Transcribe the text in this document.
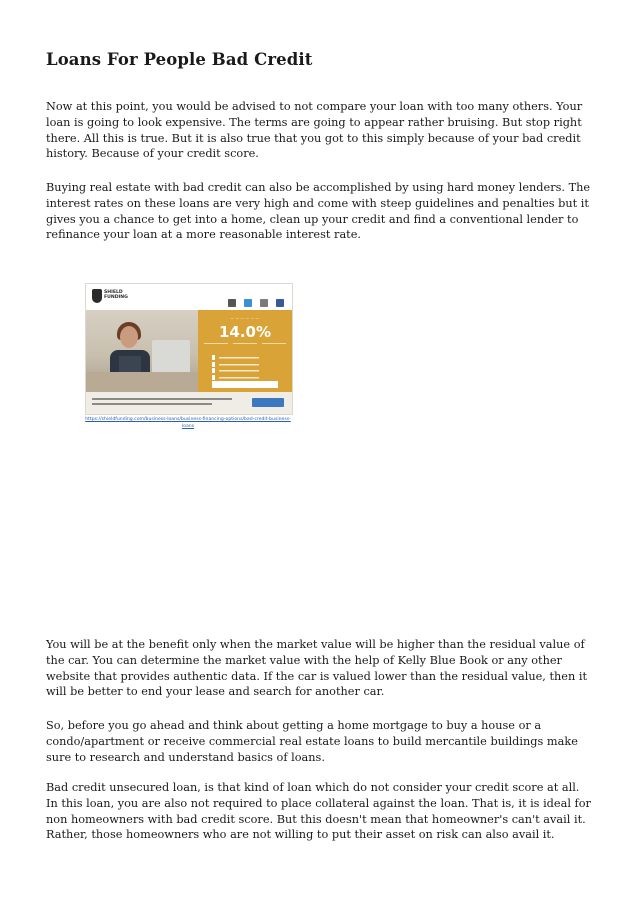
Loans For People Bad Credit

Now at this point, you would be advised to not compare your loan with too many others. Your loan is going to look expensive. The terms are going to appear rather bruising. But stop right there. All this is true. But it is also true that you got to this simply because of your bad credit history. Because of your credit score.

Buying real estate with bad credit can also be accomplished by using hard money lenders. The interest rates on these loans are very high and come with steep guidelines and penalties but it gives you a chance to get into a home, clean up your credit and find a conventional lender to refinance your loan at a more reasonable interest rate.

SHIELD FUNDING

— — — — — —
14.0%
https://shieldfunding.com/business-loans/business-financing-options/bad-credit-business-loans

You will be at the benefit only when the market value will be higher than the residual value of the car. You can determine the market value with the help of Kelly Blue Book or any other website that provides authentic data. If the car is valued lower than the residual value, then it will be better to end your lease and search for another car.

So, before you go ahead and think about getting a home mortgage to buy a house or a condo/apartment or receive commercial real estate loans to build mercantile buildings make sure to research and understand basics of loans.

Bad credit unsecured loan, is that kind of loan which do not consider your credit score at all. In this loan, you are also not required to place collateral against the loan. That is, it is ideal for non homeowners with bad credit score. But this doesn't mean that homeowner's can't avail it. Rather, those homeowners who are not willing to put their asset on risk can also avail it.
